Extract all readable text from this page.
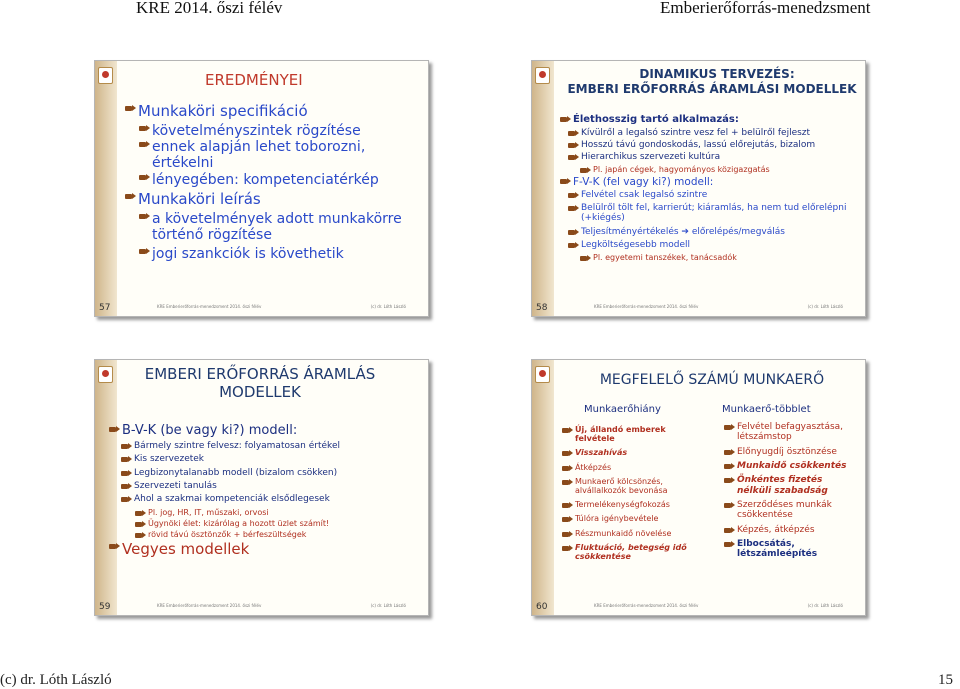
KRE 2014. őszi félév	Emberierőforrás-menedzsment
EREDMÉNYEI
Munkaköri specifikáció
követelményszintek rögzítése
ennek alapján lehet toborozni, értékelni
lényegében: kompetenciatérkép
Munkaköri leírás
a követelmények adott munkakörre történő rögzítése
jogi szankciók is követhetik
57	KRE Emberierőforrás-menedzsment 2014. őszi félév	(c) dr. Lóth László
DINAMIKUS TERVEZÉS:
EMBERI ERŐFORRÁS ÁRAMLÁSI MODELLEK
Élethosszig tartó alkalmazás:
Kívülről a legalsó szintre vesz fel + belülről fejleszt
Hosszú távú gondoskodás, lassú előrejutás, bizalom
Hierarchikus szervezeti kultúra
Pl. japán cégek, hagyományos közigazgatás
F-V-K (fel vagy ki?) modell:
Felvétel csak legalsó szintre
Belülről tölt fel, karrierút; kiáramlás, ha nem tud előrelépni (+kiégés)
Teljesítményértékelés ➔ előrelépés/megválás
Legköltségesebb modell
Pl. egyetemi tanszékek, tanácsadók
58	KRE Emberierőforrás-menedzsment 2014. őszi félév	(c) dr. Lóth László
EMBERI ERŐFORRÁS ÁRAMLÁS MODELLEK
B-V-K (be vagy ki?) modell:
Bármely szintre felvesz: folyamatosan értékel
Kis szervezetek
Legbizonytalanabb modell (bizalom csökken)
Szervezeti tanulás
Ahol a szakmai kompetenciák elsődlegesek
Pl. jog, HR, IT, műszaki, orvosi
Ügynöki élet: kizárólag a hozott üzlet számít!
rövid távú ösztönzők + bérfeszültségek
Vegyes modellek
59	KRE Emberierőforrás-menedzsment 2014. őszi félév	(c) dr. Lóth László
MEGFELELŐ SZÁMÚ MUNKAERŐ
Munkaerőhiány	Munkaerő-többlet
Új, állandó emberek felvétele
Visszahívás
Átképzés
Munkaerő kölcsönzés, alvállalkozók bevonása
Termelékenységfokozás
Túlóra igénybevétele
Részmunkaidő növelése
Fluktuáció, betegség idő csökkentése
Felvétel befagyasztása, létszámstop
Előnyugdíj ösztönzése
Munkaidő csökkentés
Önkéntes fizetés nélküli szabadság
Szerződéses munkák csökkentése
Képzés, átképzés
Elbocsátás, létszámleépítés
60	KRE Emberierőforrás-menedzsment 2014. őszi félév	(c) dr. Lóth László
(c) dr. Lóth László	15
